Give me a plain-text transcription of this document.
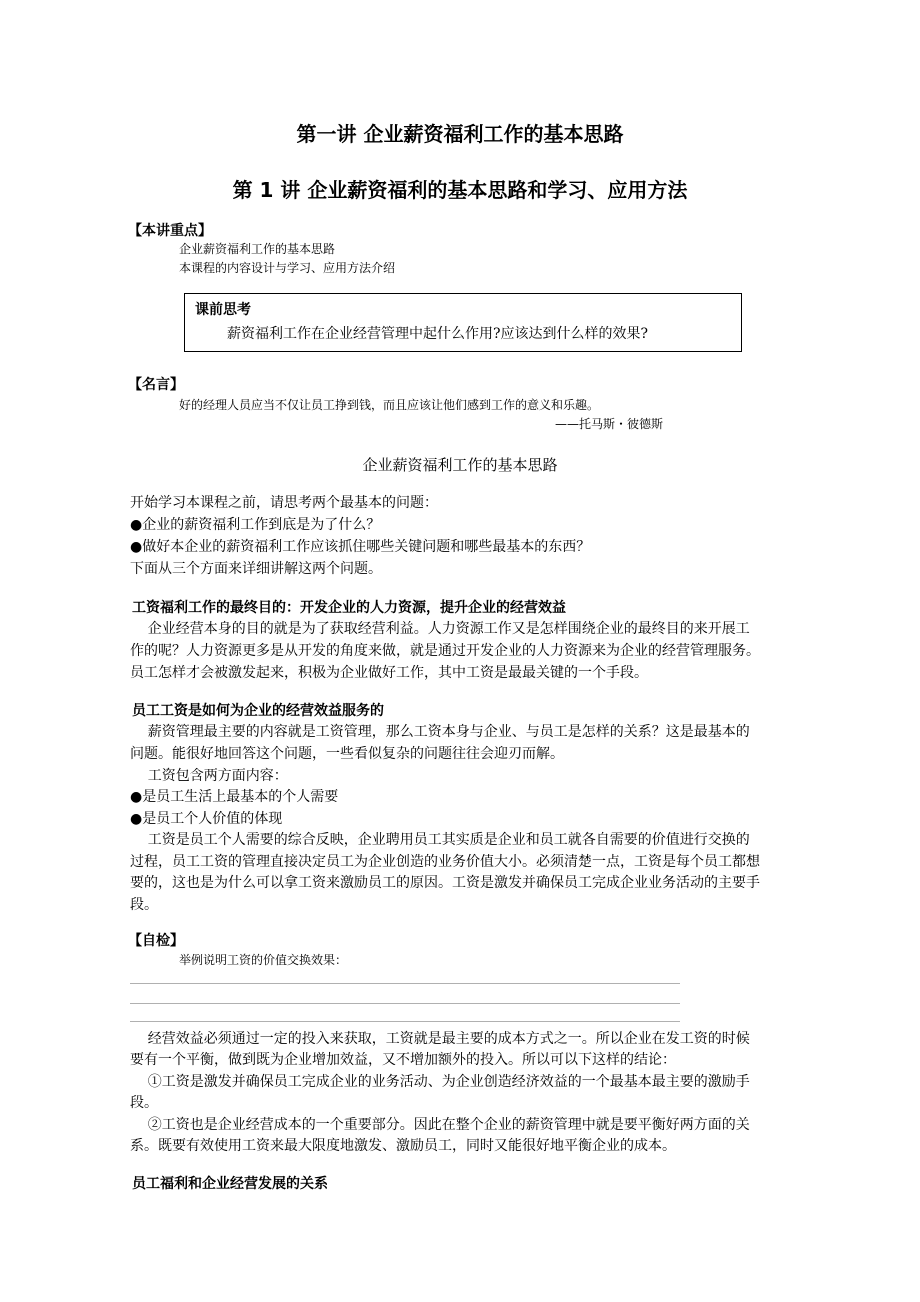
第一讲 企业薪资福利工作的基本思路
第 1 讲 企业薪资福利的基本思路和学习、应用方法
【本讲重点】
企业薪资福利工作的基本思路
本课程的内容设计与学习、应用方法介绍
课前思考
薪资福利工作在企业经营管理中起什么作用?应该达到什么样的效果?
【名言】
好的经理人员应当不仅让员工挣到钱，而且应该让他们感到工作的意义和乐趣。
——托马斯・彼德斯
企业薪资福利工作的基本思路
开始学习本课程之前，请思考两个最基本的问题：
●企业的薪资福利工作到底是为了什么？
●做好本企业的薪资福利工作应该抓住哪些关键问题和哪些最基本的东西？
下面从三个方面来详细讲解这两个问题。
工资福利工作的最终目的：开发企业的人力资源，提升企业的经营效益
企业经营本身的目的就是为了获取经营利益。人力资源工作又是怎样围绕企业的最终目的来开展工
作的呢？人力资源更多是从开发的角度来做，就是通过开发企业的人力资源来为企业的经营管理服务。
员工怎样才会被激发起来，积极为企业做好工作，其中工资是最最关键的一个手段。
员工工资是如何为企业的经营效益服务的
薪资管理最主要的内容就是工资管理，那么工资本身与企业、与员工是怎样的关系？这是最基本的
问题。能很好地回答这个问题，一些看似复杂的问题往往会迎刃而解。
工资包含两方面内容：
●是员工生活上最基本的个人需要
●是员工个人价值的体现
工资是员工个人需要的综合反映，企业聘用员工其实质是企业和员工就各自需要的价值进行交换的
过程，员工工资的管理直接决定员工为企业创造的业务价值大小。必须清楚一点，工资是每个员工都想
要的，这也是为什么可以拿工资来激励员工的原因。工资是激发并确保员工完成企业业务活动的主要手
段。
【自检】
举例说明工资的价值交换效果：
经营效益必须通过一定的投入来获取，工资就是最主要的成本方式之一。所以企业在发工资的时候
要有一个平衡，做到既为企业增加效益，又不增加额外的投入。所以可以下这样的结论：
①工资是激发并确保员工完成企业的业务活动、为企业创造经济效益的一个最基本最主要的激励手
段。
②工资也是企业经营成本的一个重要部分。因此在整个企业的薪资管理中就是要平衡好两方面的关
系。既要有效使用工资来最大限度地激发、激励员工，同时又能很好地平衡企业的成本。
员工福利和企业经营发展的关系
